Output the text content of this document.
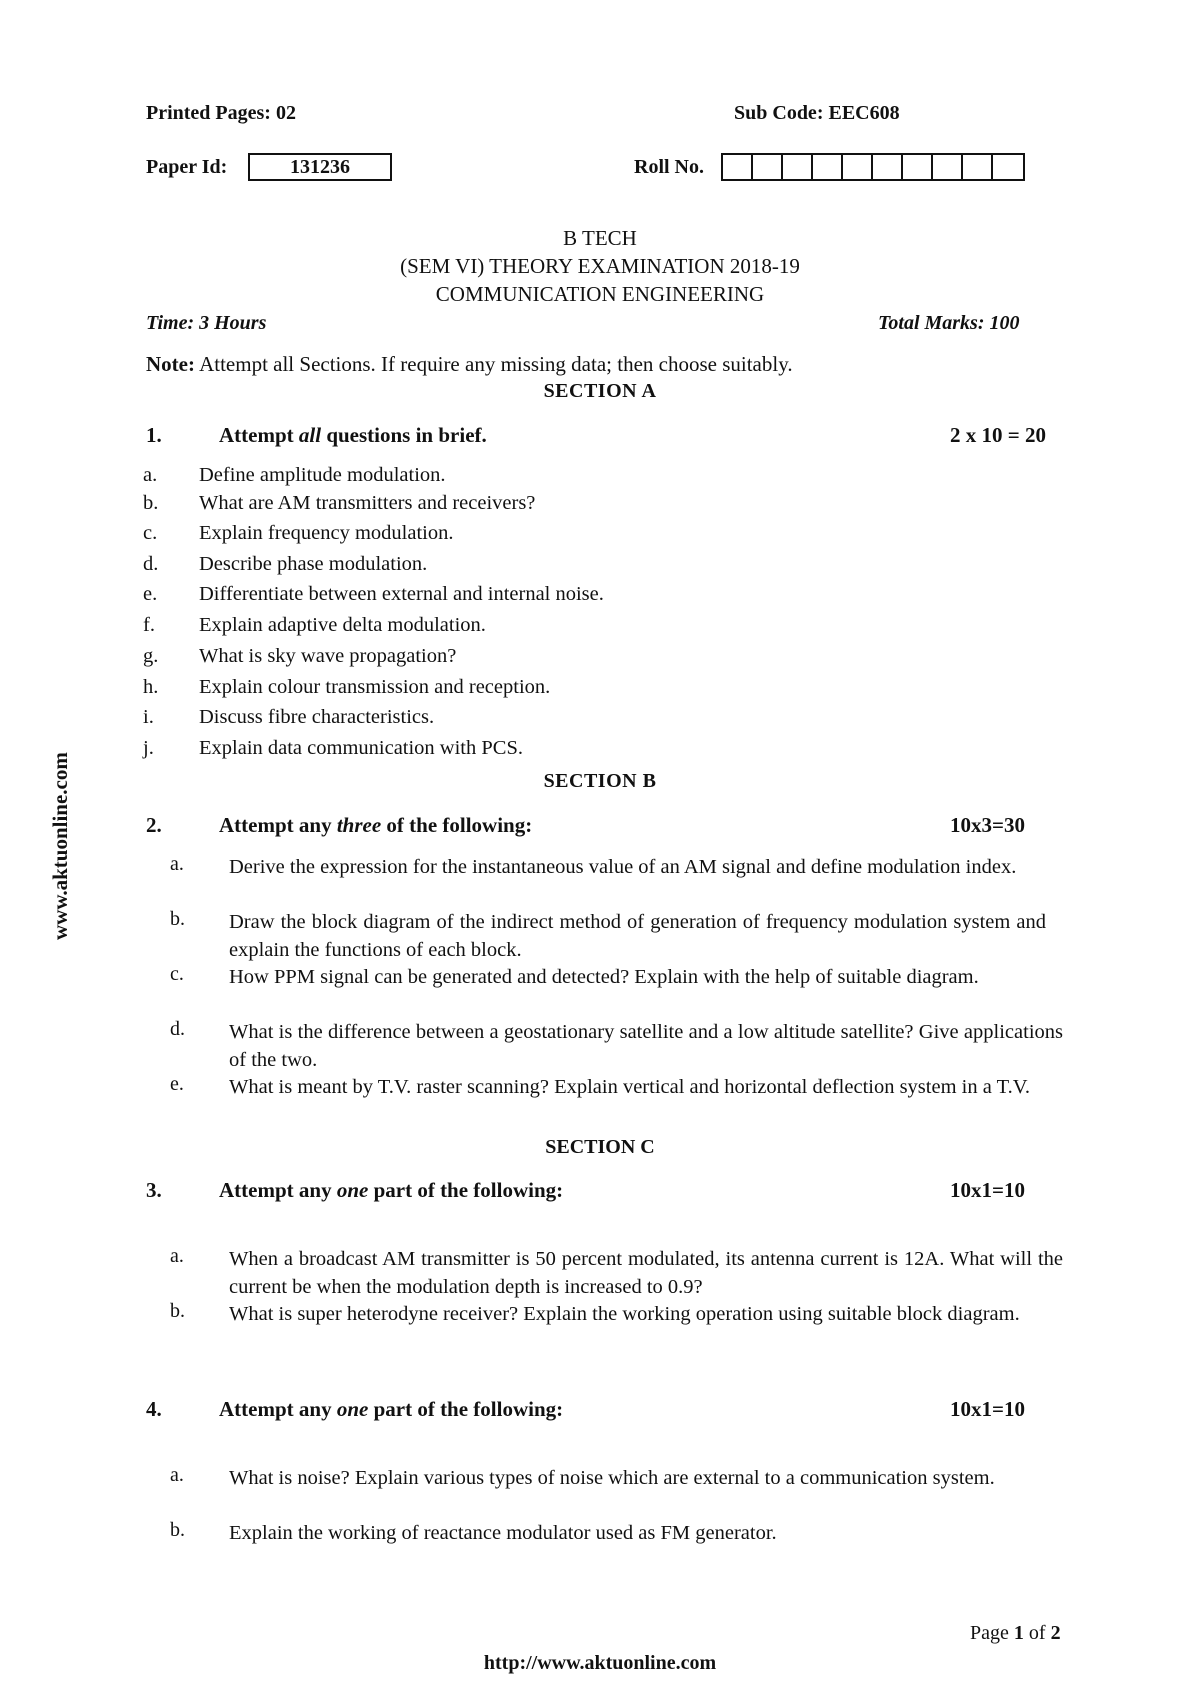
Printed Pages: 02	Sub Code: EEC608
Paper Id:	131236	Roll No.
B TECH
(SEM VI) THEORY EXAMINATION 2018-19
COMMUNICATION ENGINEERING
Time: 3 Hours	Total Marks: 100
Note: Attempt all Sections. If require any missing data; then choose suitably.
SECTION A
1.	Attempt all questions in brief.	2 x 10 = 20
a.	Define amplitude modulation.
b.	What are AM transmitters and receivers?
c.	Explain frequency modulation.
d.	Describe phase modulation.
e.	Differentiate between external and internal noise.
f.	Explain adaptive delta modulation.
g.	What is sky wave propagation?
h.	Explain colour transmission and reception.
i.	Discuss fibre characteristics.
j.	Explain data communication with PCS.
SECTION B
2.	Attempt any three of the following:	10x3=30
a.	Derive the expression for the instantaneous value of an AM signal and define modulation index.
b.	Draw the block diagram of the indirect method of generation of frequency modulation system and explain the functions of each block.
c.	How PPM signal can be generated and detected? Explain with the help of suitable diagram.
d.	What is the difference between a geostationary satellite and a low altitude satellite? Give applications of the two.
e.	What is meant by T.V. raster scanning? Explain vertical and horizontal deflection system in a T.V.
SECTION C
3.	Attempt any one part of the following:	10x1=10
a.	When a broadcast AM transmitter is 50 percent modulated, its antenna current is 12A. What will the current be when the modulation depth is increased to 0.9?
b.	What is super heterodyne receiver? Explain the working operation using suitable block diagram.
4.	Attempt any one part of the following:	10x1=10
a.	What is noise? Explain various types of noise which are external to a communication system.
b.	Explain the working of reactance modulator used as FM generator.
Page 1 of 2
http://www.aktuonline.com
www.aktuonline.com
